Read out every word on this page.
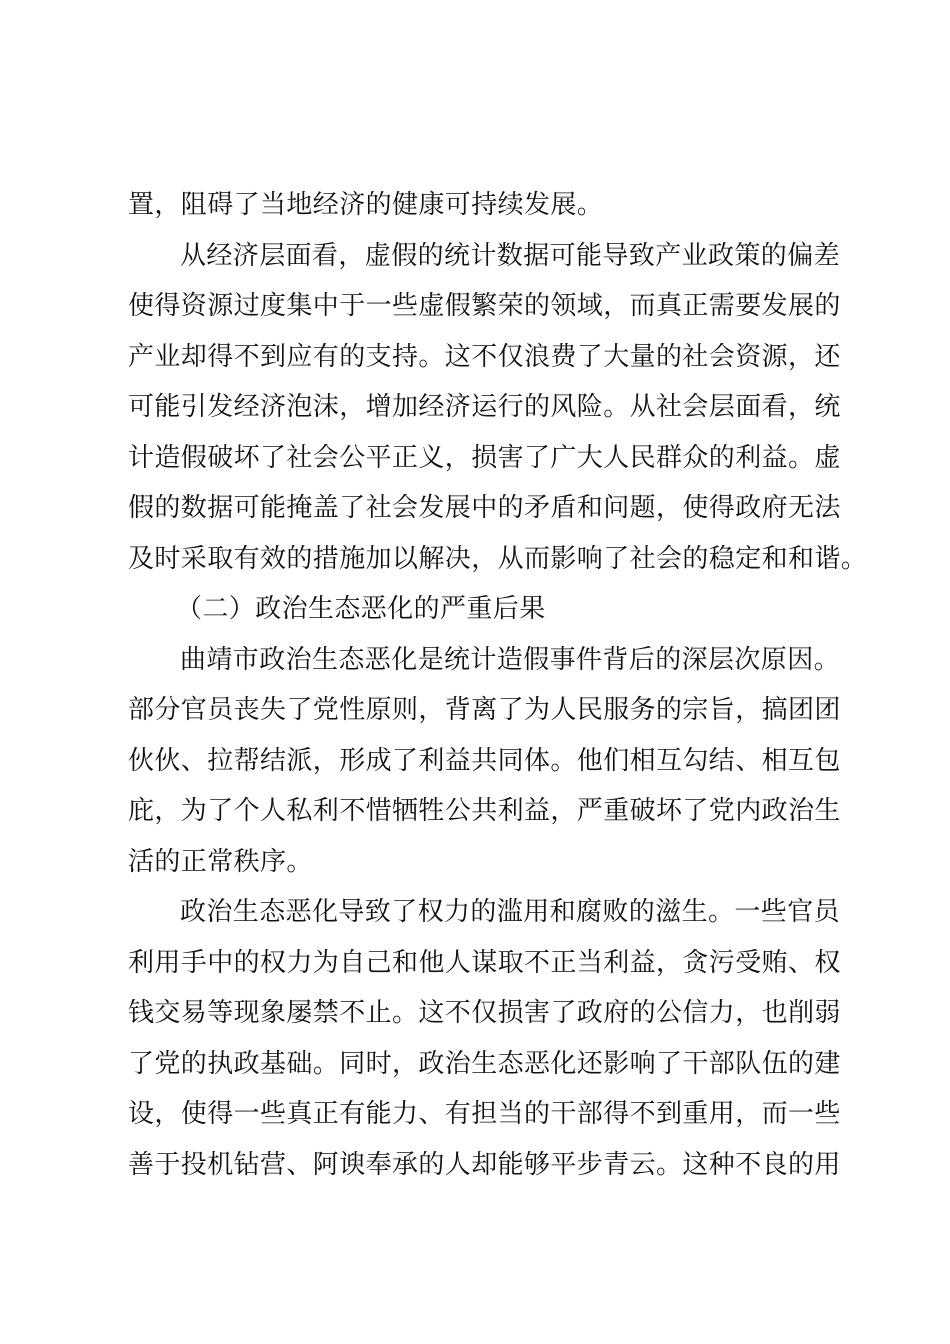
置，阻碍了当地经济的健康可持续发展。
从经济层面看，虚假的统计数据可能导致产业政策的偏差
使得资源过度集中于一些虚假繁荣的领域，而真正需要发展的
产业却得不到应有的支持。这不仅浪费了大量的社会资源，还
可能引发经济泡沫，增加经济运行的风险。从社会层面看，统
计造假破坏了社会公平正义，损害了广大人民群众的利益。虚
假的数据可能掩盖了社会发展中的矛盾和问题，使得政府无法
及时采取有效的措施加以解决，从而影响了社会的稳定和和谐。
（二）政治生态恶化的严重后果
曲靖市政治生态恶化是统计造假事件背后的深层次原因。
部分官员丧失了党性原则，背离了为人民服务的宗旨，搞团团
伙伙、拉帮结派，形成了利益共同体。他们相互勾结、相互包
庇，为了个人私利不惜牺牲公共利益，严重破坏了党内政治生
活的正常秩序。
政治生态恶化导致了权力的滥用和腐败的滋生。一些官员
利用手中的权力为自己和他人谋取不正当利益，贪污受贿、权
钱交易等现象屡禁不止。这不仅损害了政府的公信力，也削弱
了党的执政基础。同时，政治生态恶化还影响了干部队伍的建
设，使得一些真正有能力、有担当的干部得不到重用，而一些
善于投机钻营、阿谀奉承的人却能够平步青云。这种不良的用
